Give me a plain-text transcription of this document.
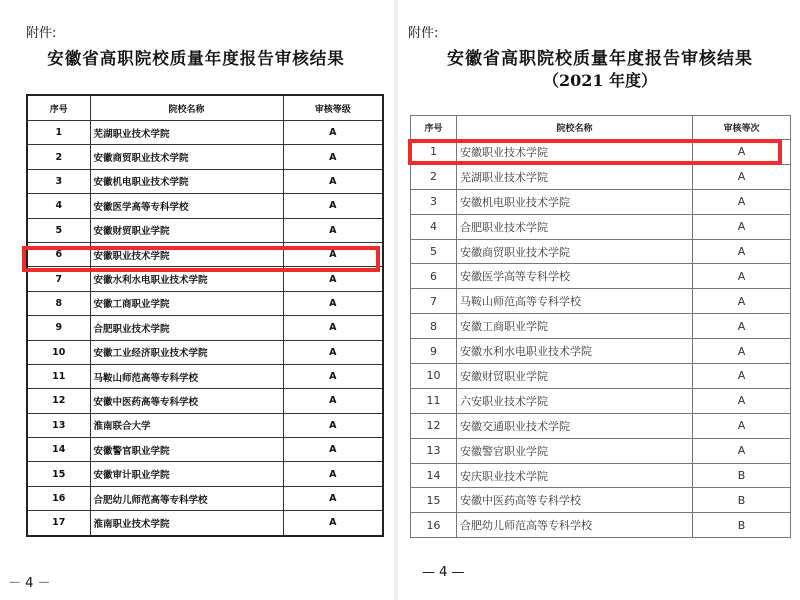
附件:
安徽省高职院校质量年度报告审核结果
序号	院校名称	审核等级
1	芜湖职业技术学院	A
2	安徽商贸职业技术学院	A
3	安徽机电职业技术学院	A
4	安徽医学高等专科学校	A
5	安徽财贸职业学院	A
6	安徽职业技术学院	A
7	安徽水利水电职业技术学院	A
8	安徽工商职业学院	A
9	合肥职业技术学院	A
10	安徽工业经济职业技术学院	A
11	马鞍山师范高等专科学校	A
12	安徽中医药高等专科学校	A
13	淮南联合大学	A
14	安徽警官职业学院	A
15	安徽审计职业学院	A
16	合肥幼儿师范高等专科学校	A
17	淮南职业技术学院	A
－ 4 －
附件:
安徽省高职院校质量年度报告审核结果
（2021 年度）
序号	院校名称	审核等次
1	安徽职业技术学院	A
2	芜湖职业技术学院	A
3	安徽机电职业技术学院	A
4	合肥职业技术学院	A
5	安徽商贸职业技术学院	A
6	安徽医学高等专科学校	A
7	马鞍山师范高等专科学校	A
8	安徽工商职业学院	A
9	安徽水利水电职业技术学院	A
10	安徽财贸职业学院	A
11	六安职业技术学院	A
12	安徽交通职业技术学院	A
13	安徽警官职业学院	A
14	安庆职业技术学院	B
15	安徽中医药高等专科学校	B
16	合肥幼儿师范高等专科学校	B
— 4 —
